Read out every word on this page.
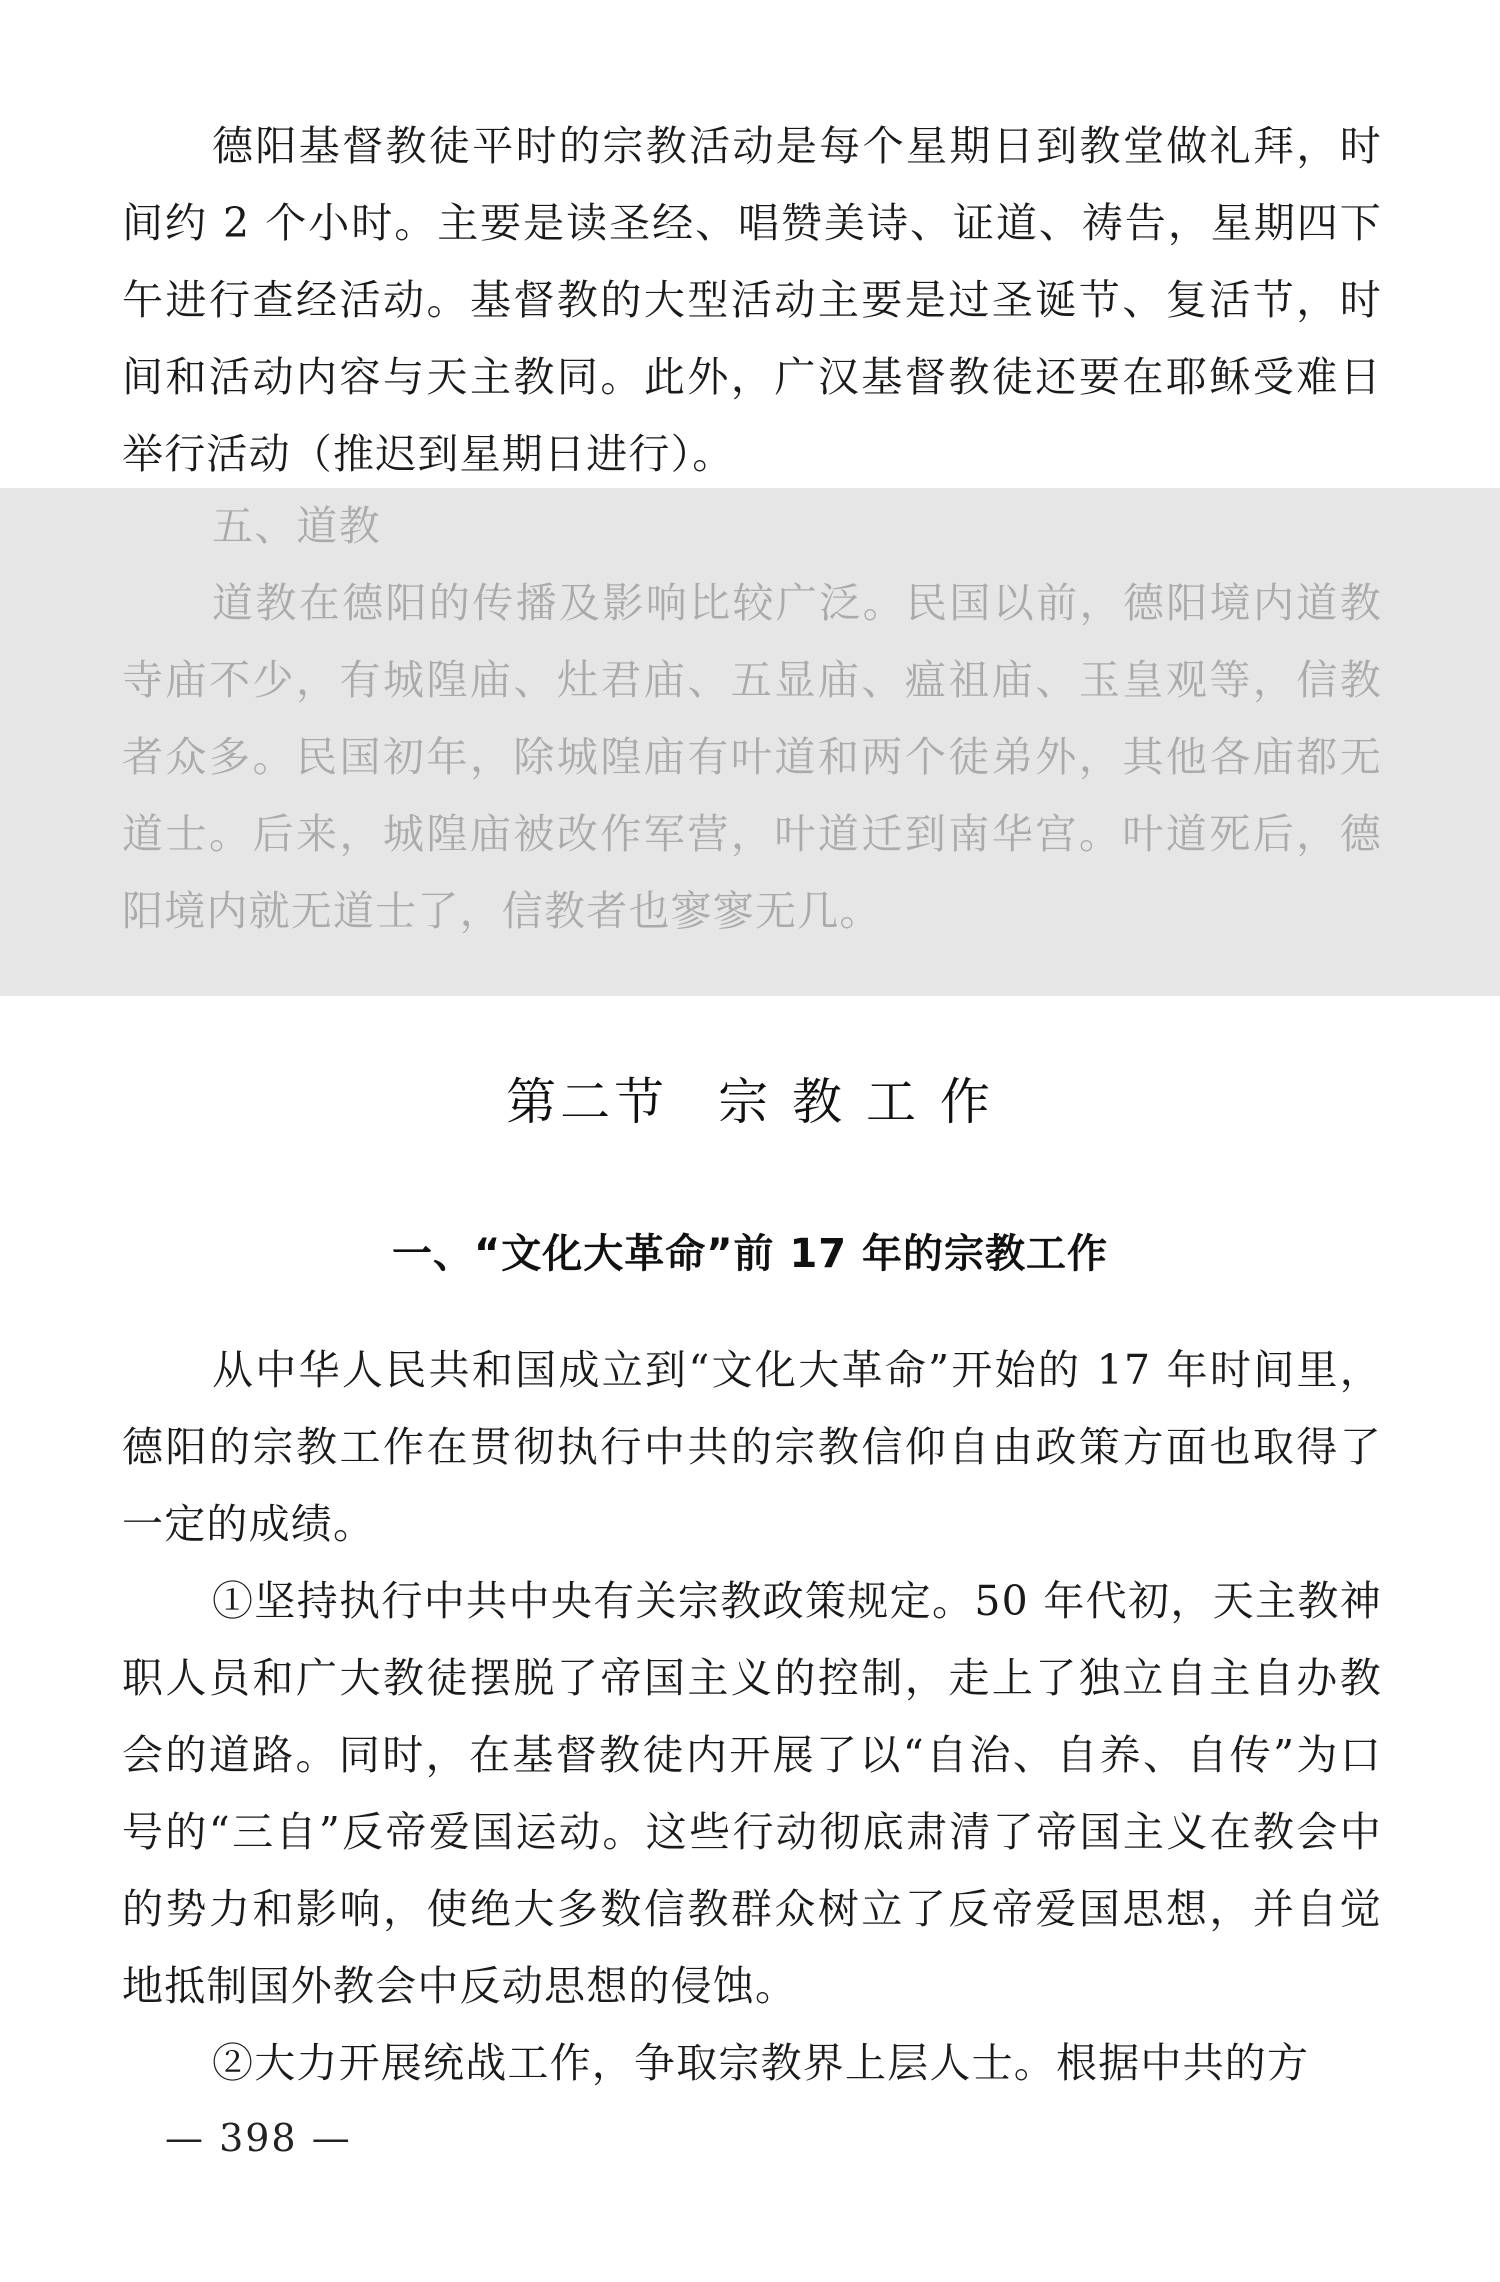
德阳基督教徒平时的宗教活动是每个星期日到教堂做礼拜，时间约 2 个小时。主要是读圣经、唱赞美诗、证道、祷告，星期四下午进行查经活动。基督教的大型活动主要是过圣诞节、复活节，时间和活动内容与天主教同。此外，广汉基督教徒还要在耶稣受难日举行活动（推迟到星期日进行）。

五、道教

道教在德阳的传播及影响比较广泛。民国以前，德阳境内道教寺庙不少，有城隍庙、灶君庙、五显庙、瘟祖庙、玉皇观等，信教者众多。民国初年，除城隍庙有叶道和两个徒弟外，其他各庙都无道士。后来，城隍庙被改作军营，叶道迁到南华宫。叶道死后，德阳境内就无道士了，信教者也寥寥无几。

第二节 宗 教 工 作
一、“文化大革命”前 17 年的宗教工作

从中华人民共和国成立到“文化大革命”开始的 17 年时间里，德阳的宗教工作在贯彻执行中共的宗教信仰自由政策方面也取得了一定的成绩。

①坚持执行中共中央有关宗教政策规定。50 年代初，天主教神职人员和广大教徒摆脱了帝国主义的控制，走上了独立自主自办教会的道路。同时，在基督教徒内开展了以“自治、自养、自传”为口号的“三自”反帝爱国运动。这些行动彻底肃清了帝国主义在教会中的势力和影响，使绝大多数信教群众树立了反帝爱国思想，并自觉地抵制国外教会中反动思想的侵蚀。

②大力开展统战工作，争取宗教界上层人士。根据中共的方

— 398 —
